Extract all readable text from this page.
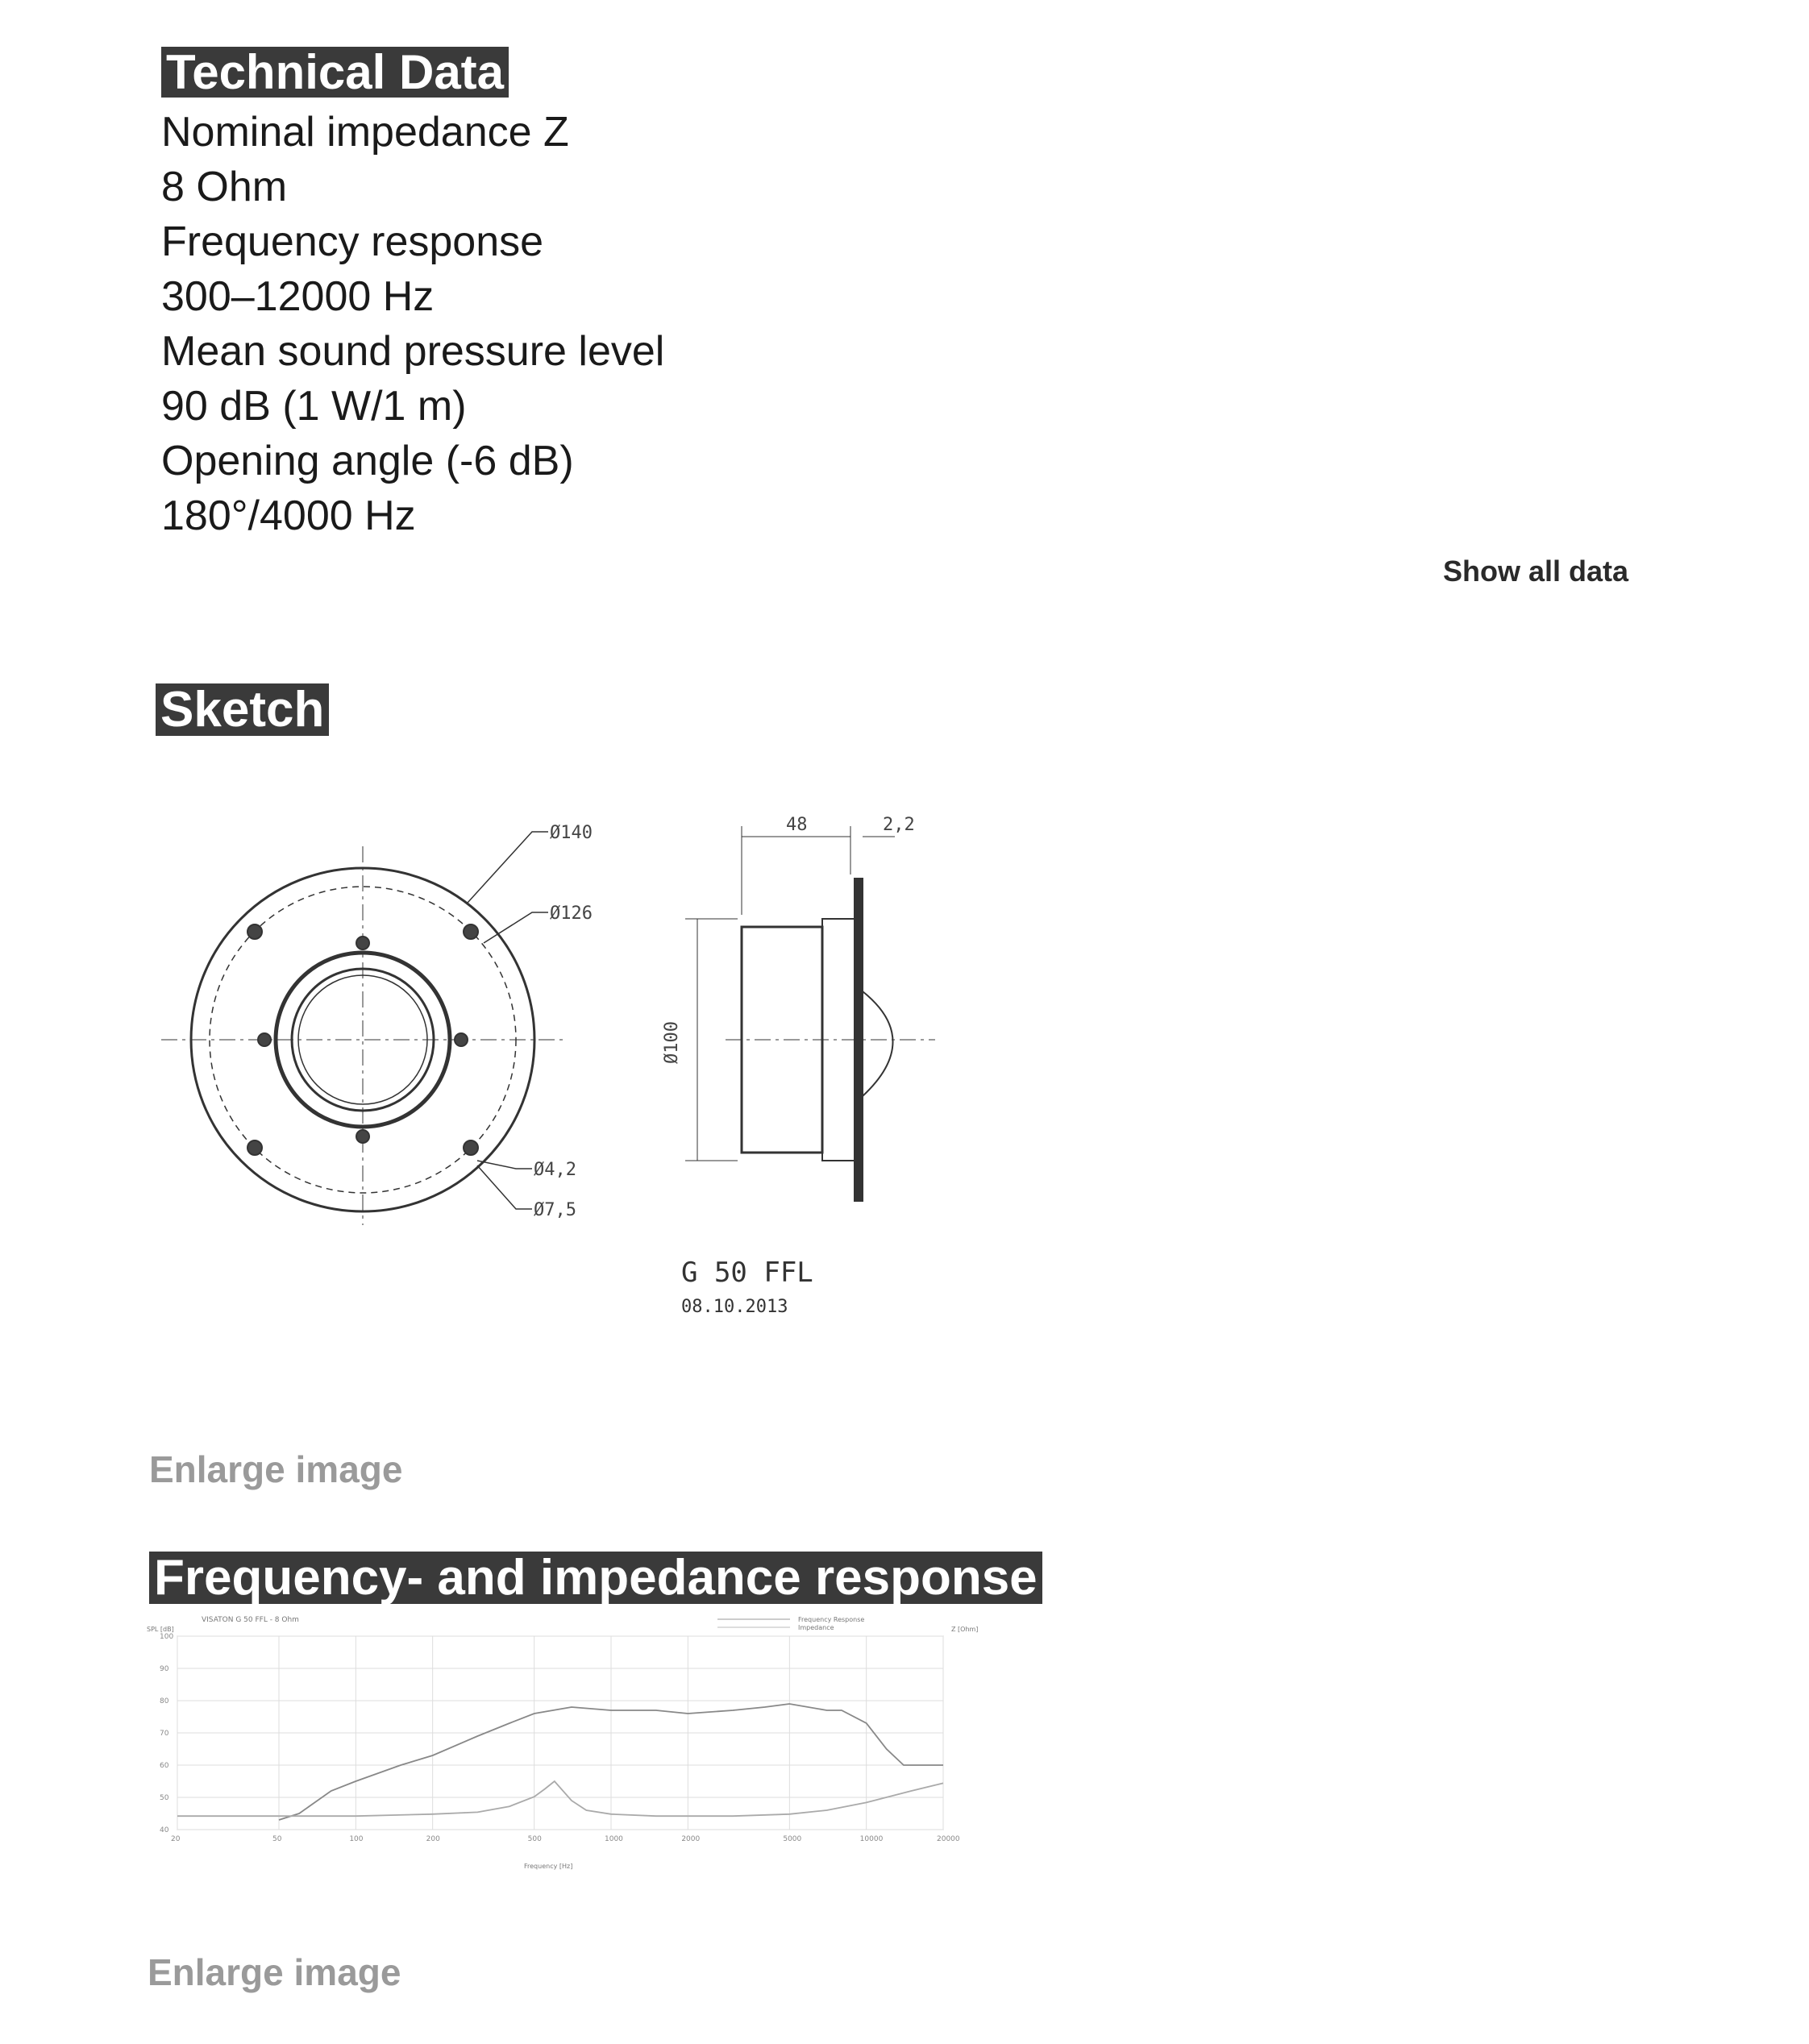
Technical Data
Nominal impedance Z
8 Ohm
Frequency response
300–12000 Hz
Mean sound pressure level
90 dB (1 W/1 m)
Opening angle (-6 dB)
180°/4000 Hz
Show all data
Sketch
Ø140
Ø126
Ø4,2
Ø7,5
48	2,2
Ø100
G 50 FFL
08.10.2013
Enlarge image
Frequency- and impedance response
20	50	100	200	500	1000	2000	5000	10000	20000
40
50
60
70
80
90
100
VISATON G 50 FFL - 8 Ohm
SPL [dB]	Z [Ohm]
Frequency [Hz]
Frequency Response
Impedance
Enlarge image
